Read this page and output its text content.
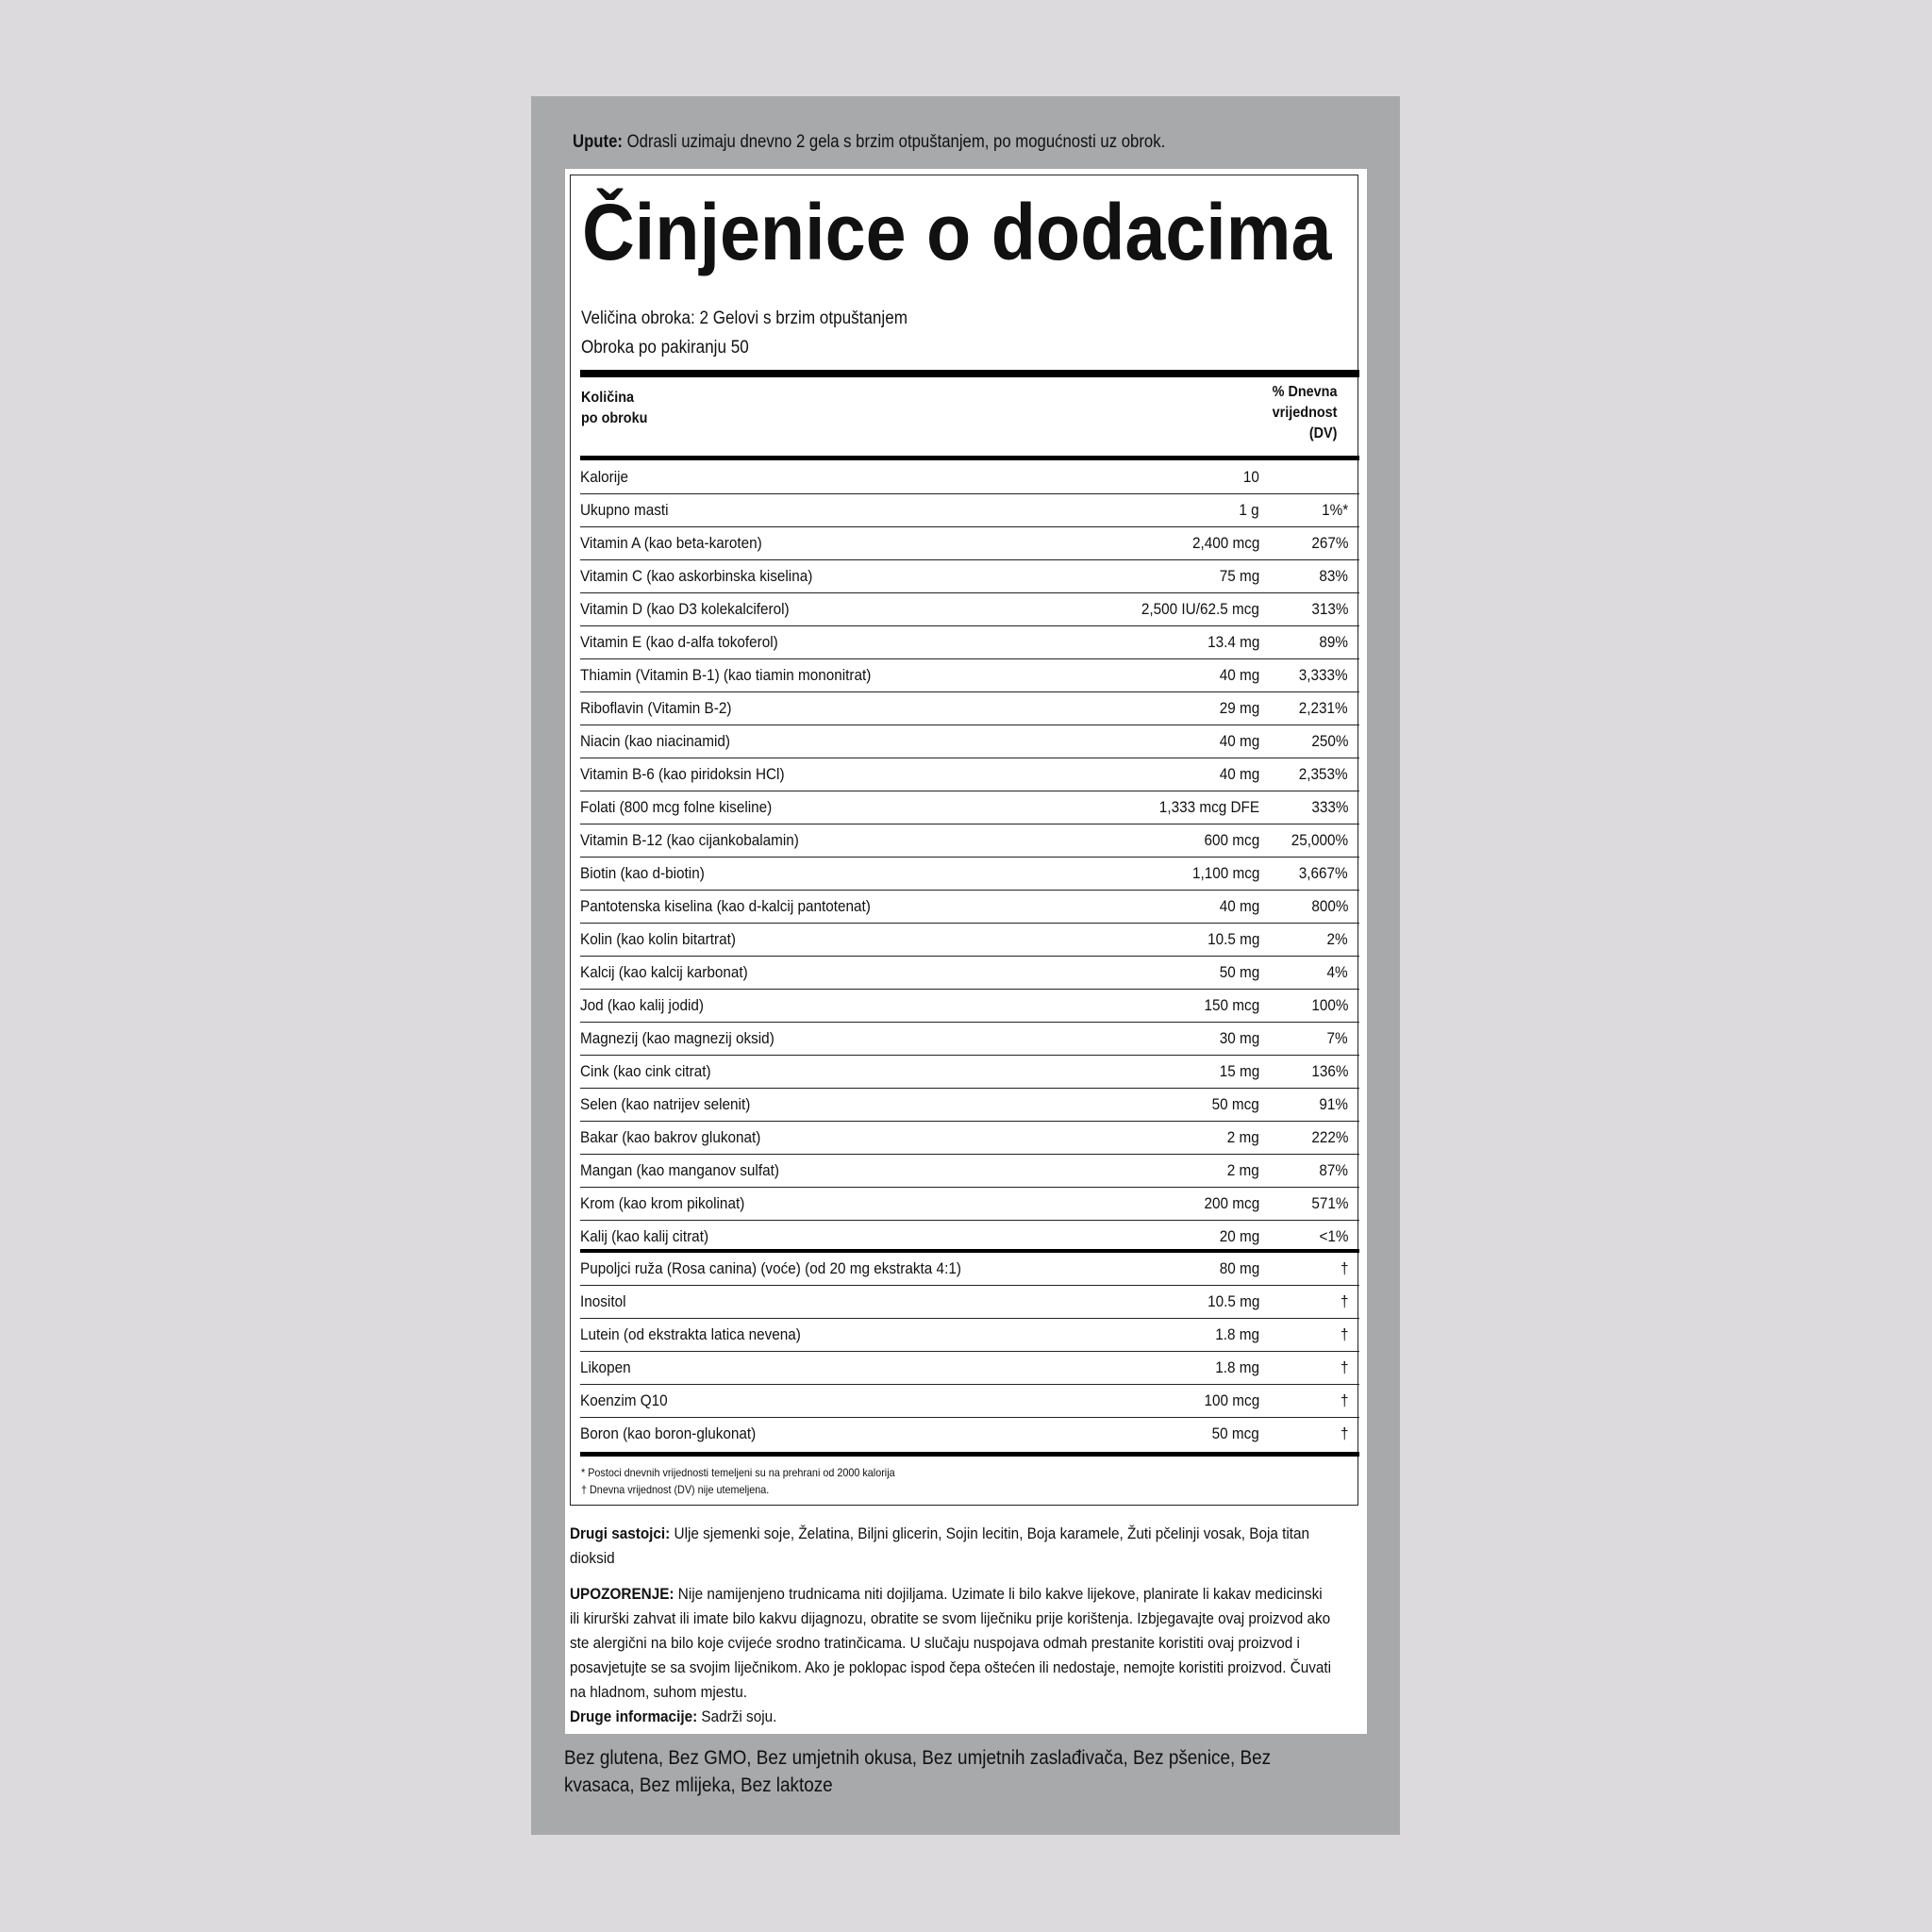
Upute: Odrasli uzimaju dnevno 2 gela s brzim otpuštanjem, po mogućnosti uz obrok.
Činjenice o dodacima
Veličina obroka: 2 Gelovi s brzim otpuštanjem
Obroka po pakiranju 50
Količina
po obroku
% Dnevna
vrijednost
(DV)
Kalorije	10
Ukupno masti	1 g	1%*
Vitamin A (kao beta-karoten)	2,400 mcg	267%
Vitamin C (kao askorbinska kiselina)	75 mg	83%
Vitamin D (kao D3 kolekalciferol)	2,500 IU/62.5 mcg	313%
Vitamin E (kao d-alfa tokoferol)	13.4 mg	89%
Thiamin (Vitamin B-1) (kao tiamin mononitrat)	40 mg 3,333%
Riboflavin (Vitamin B-2)	29 mg 2,231%
Niacin (kao niacinamid)	40 mg	250%
Vitamin B-6 (kao piridoksin HCl)	40 mg 2,353%
Folati (800 mcg folne kiseline)	1,333 mcg DFE	333%
Vitamin B-12 (kao cijankobalamin)	600 mcg 25,000%
Biotin (kao d-biotin)	1,100 mcg 3,667%
Pantotenska kiselina (kao d-kalcij pantotenat)	40 mg	800%
Kolin (kao kolin bitartrat)	10.5 mg	2%
Kalcij (kao kalcij karbonat)	50 mg	4%
Jod (kao kalij jodid)	150 mcg	100%
Magnezij (kao magnezij oksid)	30 mg	7%
Cink (kao cink citrat)	15 mg	136%
Selen (kao natrijev selenit)	50 mcg	91%
Bakar (kao bakrov glukonat)	2 mg	222%
Mangan (kao manganov sulfat)	2 mg	87%
Krom (kao krom pikolinat)	200 mcg	571%
Kalij (kao kalij citrat)	20 mg	<1%
Pupoljci ruža (Rosa canina) (voće) (od 20 mg ekstrakta 4:1)	80 mg	†
Inositol	10.5 mg	†
Lutein (od ekstrakta latica nevena)	1.8 mg	†
Likopen	1.8 mg	†
Koenzim Q10	100 mcg	†
Boron (kao boron-glukonat)	50 mcg	†
* Postoci dnevnih vrijednosti temeljeni su na prehrani od 2000 kalorija
† Dnevna vrijednost (DV) nije utemeljena.
Drugi sastojci: Ulje sjemenki soje, Želatina, Biljni glicerin, Sojin lecitin, Boja karamele, Žuti pčelinji vosak, Boja titan dioksid
UPOZORENJE: Nije namijenjeno trudnicama niti dojiljama. Uzimate li bilo kakve lijekove, planirate li kakav medicinski ili kirurški zahvat ili imate bilo kakvu dijagnozu, obratite se svom liječniku prije korištenja. Izbjegavajte ovaj proizvod ako ste alergični na bilo koje cvijeće srodno tratinčicama. U slučaju nuspojava odmah prestanite koristiti ovaj proizvod i posavjetujte se sa svojim liječnikom. Ako je poklopac ispod čepa oštećen ili nedostaje, nemojte koristiti proizvod. Čuvati na hladnom, suhom mjestu.
Druge informacije: Sadrži soju.
Bez glutena, Bez GMO, Bez umjetnih okusa, Bez umjetnih zaslađivača, Bez pšenice, Bez kvasaca, Bez mlijeka, Bez laktoze
